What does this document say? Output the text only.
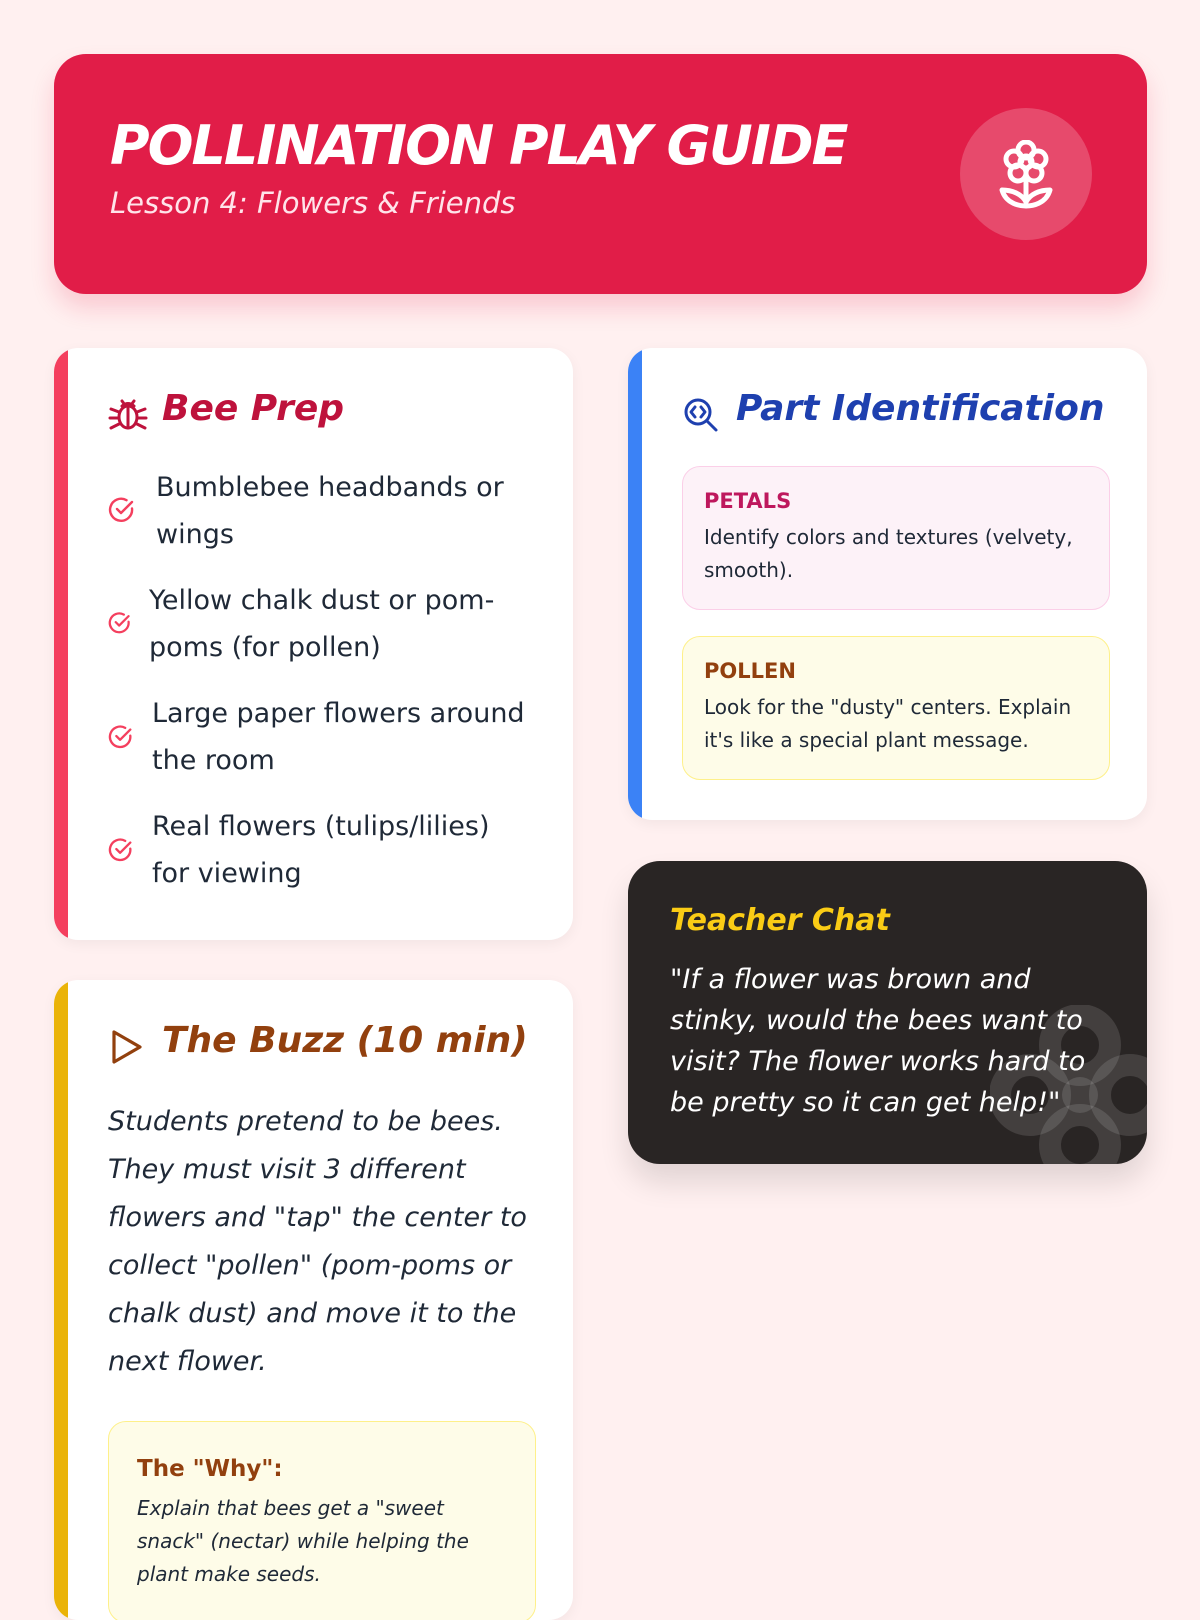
POLLINATION PLAY GUIDE
Lesson 4: Flowers & Friends
Bee Prep
Bumblebee headbands or wings
Yellow chalk dust or pom-poms (for pollen)
Large paper flowers around the room
Real flowers (tulips/lilies) for viewing
Part Identification
PETALS
Identify colors and textures (velvety, smooth).
POLLEN
Look for the "dusty" centers. Explain it's like a special plant message.
Teacher Chat
"If a flower was brown and stinky, would the bees want to visit? The flower works hard to be pretty so it can get help!"
The Buzz (10 min)
Students pretend to be bees. They must visit 3 different flowers and "tap" the center to collect "pollen" (pom-poms or chalk dust) and move it to the next flower.
The "Why":
Explain that bees get a "sweet snack" (nectar) while helping the plant make seeds.
